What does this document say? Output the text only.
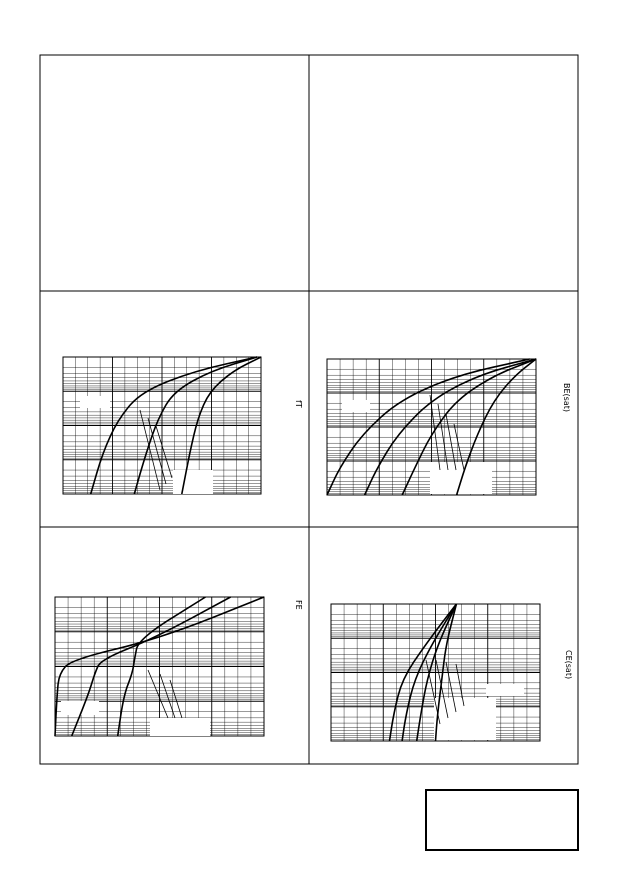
FE
CE(sat)
fT	BE(sat)
